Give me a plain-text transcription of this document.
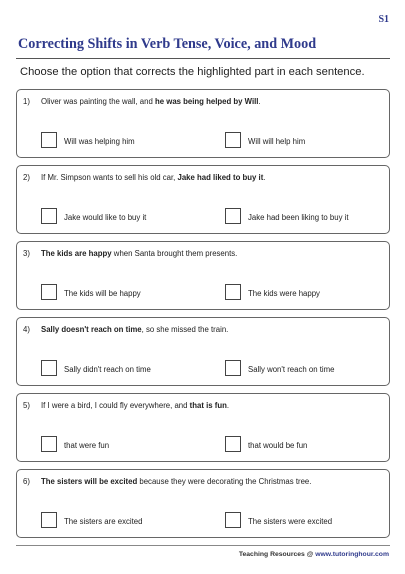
S1
Correcting Shifts in Verb Tense, Voice, and Mood
Choose the option that corrects the highlighted part in each sentence.
1) Oliver was painting the wall, and he was being helped by Will.
Will was helping him	Will will help him
2) If Mr. Simpson wants to sell his old car, Jake had liked to buy it.
Jake would like to buy it	Jake had been liking to buy it
3) The kids are happy when Santa brought them presents.
The kids will be happy	The kids were happy
4) Sally doesn't reach on time, so she missed the train.
Sally didn't reach on time	Sally won't reach on time
5) If I were a bird, I could fly everywhere, and that is fun.
that were fun	that would be fun
6) The sisters will be excited because they were decorating the Christmas tree.
The sisters are excited	The sisters were excited
Teaching Resources @ www.tutoringhour.com
